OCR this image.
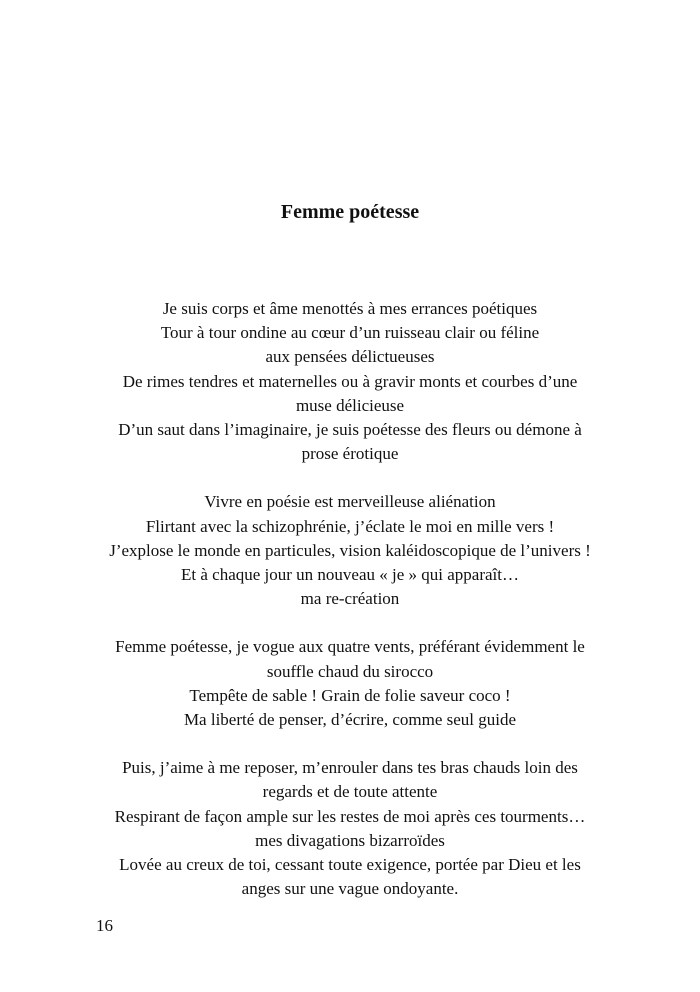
Femme poétesse

Je suis corps et âme menottés à mes errances poétiques

Tour à tour ondine au cœur d’un ruisseau clair ou féline

aux pensées délictueuses

De rimes tendres et maternelles ou à gravir monts et courbes d’une

muse délicieuse

D’un saut dans l’imaginaire, je suis poétesse des fleurs ou démone à

prose érotique

Vivre en poésie est merveilleuse aliénation

Flirtant avec la schizophrénie, j’éclate le moi en mille vers !

J’explose le monde en particules, vision kaléidoscopique de l’univers !

Et à chaque jour un nouveau « je » qui apparaît…

ma re-création

Femme poétesse, je vogue aux quatre vents, préférant évidemment le

souffle chaud du sirocco

Tempête de sable ! Grain de folie saveur coco !

Ma liberté de penser, d’écrire, comme seul guide

Puis, j’aime à me reposer, m’enrouler dans tes bras chauds loin des

regards et de toute attente

Respirant de façon ample sur les restes de moi après ces tourments…

mes divagations bizarroïdes

Lovée au creux de toi, cessant toute exigence, portée par Dieu et les

anges sur une vague ondoyante.

16
